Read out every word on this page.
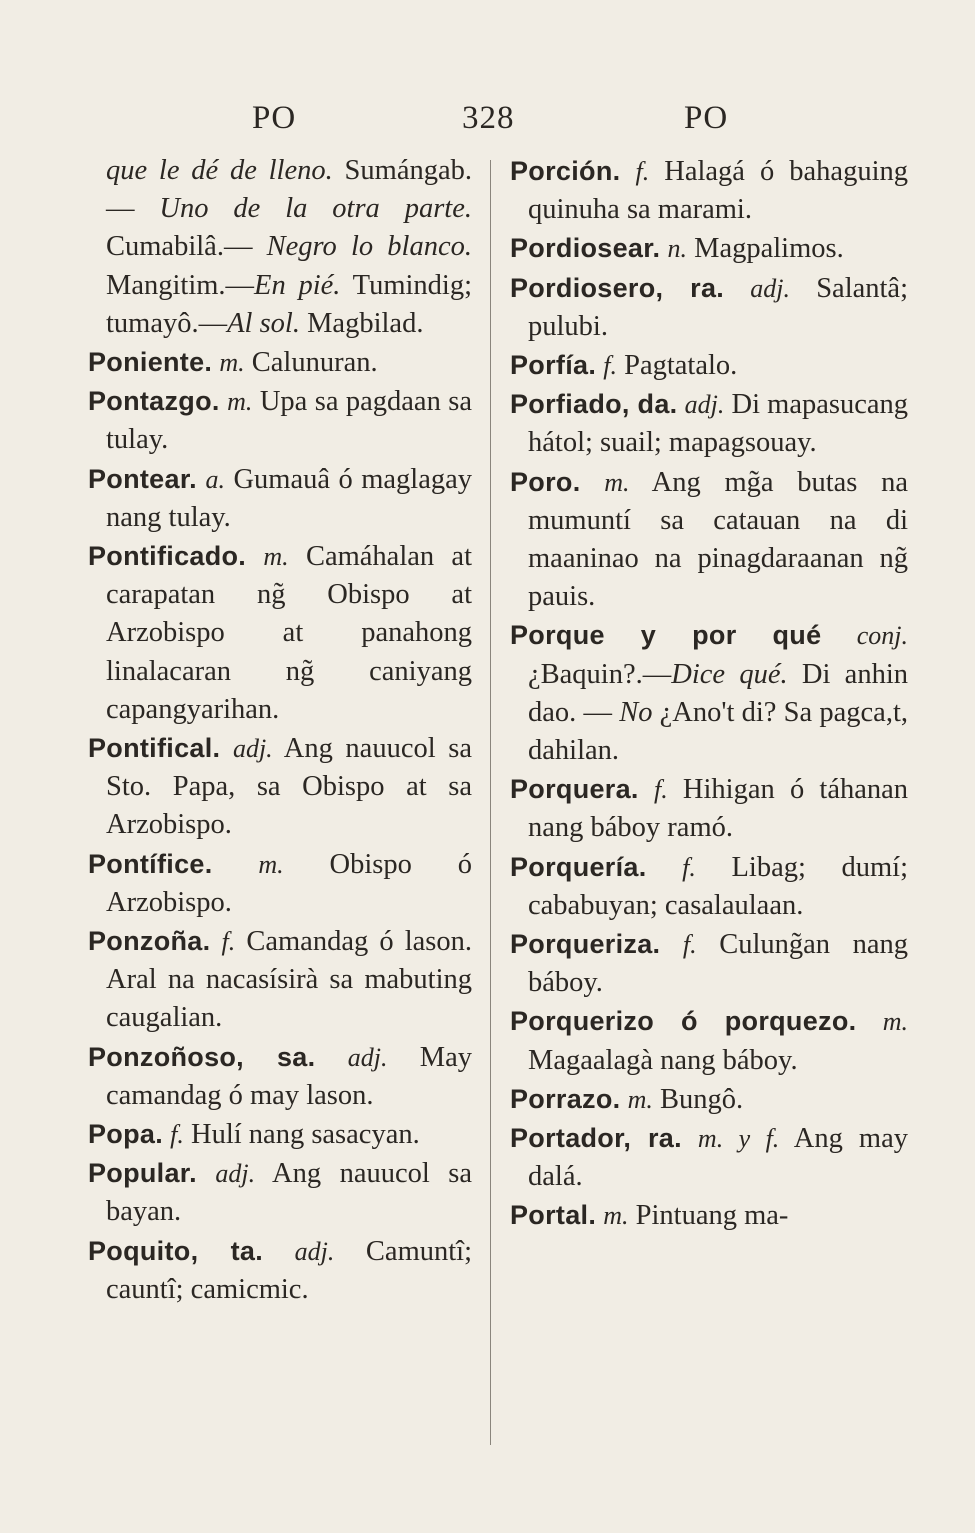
PO	328	PO

que le dé de lleno. Sumángab. — Uno de la otra parte. Cumabilâ.— Negro lo blanco. Mangitim.—En pié. Tumindig; tumayô.—Al sol. Magbilad.

Poniente. m. Calunuran.

Pontazgo. m. Upa sa pagdaan sa tulay.

Pontear. a. Gumauâ ó maglagay nang tulay.

Pontificado. m. Camáhalan at carapatan ng̃ Obispo at Arzobispo at panahong linalacaran ng̃ caniyang capangyarihan.

Pontifical. adj. Ang nauucol sa Sto. Papa, sa Obispo at sa Arzobispo.

Pontífice. m. Obispo ó Arzobispo.

Ponzoña. f. Camandag ó lason. Aral na nacasísirà sa mabuting caugalian.

Ponzoñoso, sa. adj. May camandag ó may lason.

Popa. f. Hulí nang sasacyan.

Popular. adj. Ang nauucol sa bayan.

Poquito, ta. adj. Camuntî; cauntî; camicmic.

Porción. f. Halagá ó bahaguing quinuha sa marami.

Pordiosear. n. Magpalimos.

Pordiosero, ra. adj. Salantâ; pulubi.

Porfía. f. Pagtatalo.

Porfiado, da. adj. Di mapasucang hátol; suail; mapagsouay.

Poro. m. Ang mg̃a butas na mumuntí sa catauan na di maaninao na pinagdaraanan ng̃ pauis.

Porque y por qué conj. ¿Baquin?.—Dice qué. Di anhin dao. — No ¿Ano't di? Sa pagca,t, dahilan.

Porquera. f. Hihigan ó táhanan nang báboy ramó.

Porquería. f. Libag; dumí; cababuyan; casalaulaan.

Porqueriza. f. Culung̃an nang báboy.

Porquerizo ó porquezo. m. Magaalagà nang báboy.

Porrazo. m. Bungô.

Portador, ra. m. y f. Ang may dalá.

Portal. m. Pintuang ma-
